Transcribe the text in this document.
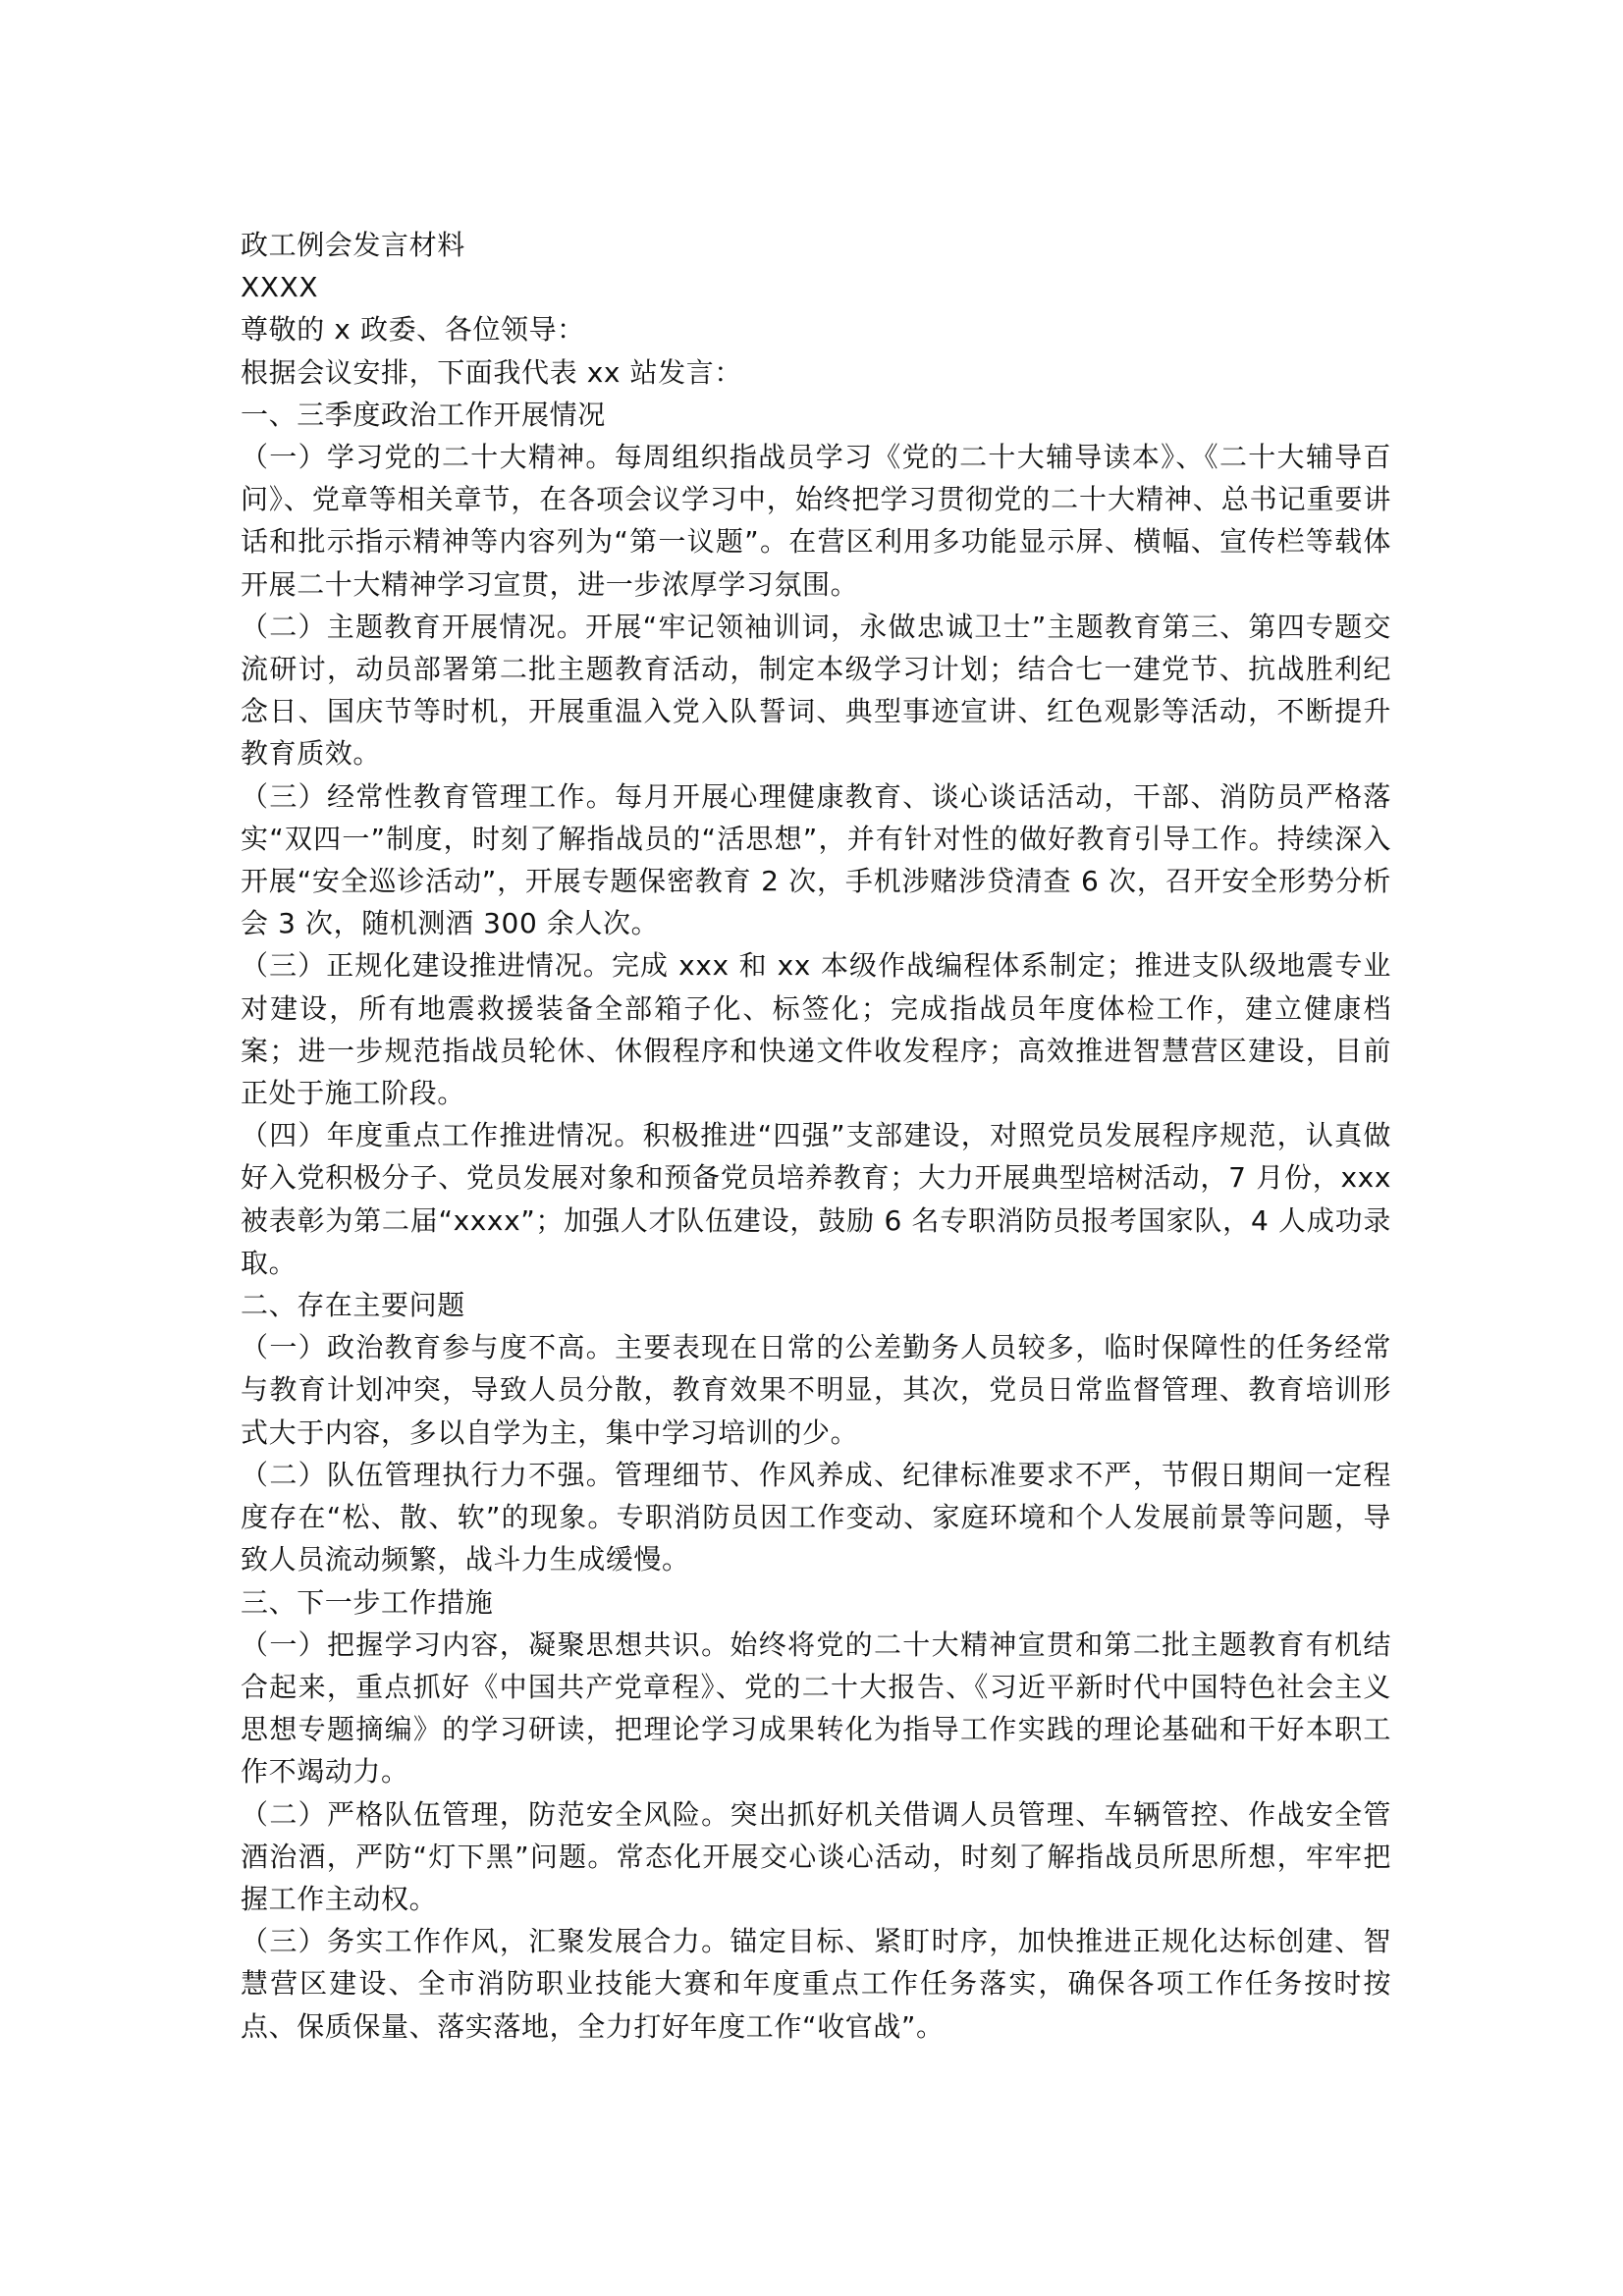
政工例会发言材料

XXXX

尊敬的 x 政委、各位领导：

根据会议安排，下面我代表 xx 站发言：

一、三季度政治工作开展情况

（一）学习党的二十大精神。每周组织指战员学习《党的二十大辅导读本》、《二十大辅导百问》、党章等相关章节，在各项会议学习中，始终把学习贯彻党的二十大精神、总书记重要讲话和批示指示精神等内容列为“第一议题”。在营区利用多功能显示屏、横幅、宣传栏等载体开展二十大精神学习宣贯，进一步浓厚学习氛围。

（二）主题教育开展情况。开展“牢记领袖训词，永做忠诚卫士”主题教育第三、第四专题交流研讨，动员部署第二批主题教育活动，制定本级学习计划；结合七一建党节、抗战胜利纪念日、国庆节等时机，开展重温入党入队誓词、典型事迹宣讲、红色观影等活动，不断提升教育质效。

（三）经常性教育管理工作。每月开展心理健康教育、谈心谈话活动，干部、消防员严格落实“双四一”制度，时刻了解指战员的“活思想”，并有针对性的做好教育引导工作。持续深入开展“安全巡诊活动”，开展专题保密教育 2 次，手机涉赌涉贷清查 6 次，召开安全形势分析会 3 次，随机测酒 300 余人次。

（三）正规化建设推进情况。完成 xxx 和 xx 本级作战编程体系制定；推进支队级地震专业对建设，所有地震救援装备全部箱子化、标签化；完成指战员年度体检工作，建立健康档案；进一步规范指战员轮休、休假程序和快递文件收发程序；高效推进智慧营区建设，目前正处于施工阶段。

（四）年度重点工作推进情况。积极推进“四强”支部建设，对照党员发展程序规范，认真做好入党积极分子、党员发展对象和预备党员培养教育；大力开展典型培树活动，7 月份，xxx 被表彰为第二届“xxxx”；加强人才队伍建设，鼓励 6 名专职消防员报考国家队，4 人成功录取。

二、存在主要问题

（一）政治教育参与度不高。主要表现在日常的公差勤务人员较多，临时保障性的任务经常与教育计划冲突，导致人员分散，教育效果不明显，其次，党员日常监督管理、教育培训形式大于内容，多以自学为主，集中学习培训的少。

（二）队伍管理执行力不强。管理细节、作风养成、纪律标准要求不严，节假日期间一定程度存在“松、散、软”的现象。专职消防员因工作变动、家庭环境和个人发展前景等问题，导致人员流动频繁，战斗力生成缓慢。

三、下一步工作措施

（一）把握学习内容，凝聚思想共识。始终将党的二十大精神宣贯和第二批主题教育有机结合起来，重点抓好《中国共产党章程》、党的二十大报告、《习近平新时代中国特色社会主义思想专题摘编》的学习研读，把理论学习成果转化为指导工作实践的理论基础和干好本职工作不竭动力。

（二）严格队伍管理，防范安全风险。突出抓好机关借调人员管理、车辆管控、作战安全管酒治酒，严防“灯下黑”问题。常态化开展交心谈心活动，时刻了解指战员所思所想，牢牢把握工作主动权。

（三）务实工作作风，汇聚发展合力。锚定目标、紧盯时序，加快推进正规化达标创建、智慧营区建设、全市消防职业技能大赛和年度重点工作任务落实，确保各项工作任务按时按点、保质保量、落实落地，全力打好年度工作“收官战”。
